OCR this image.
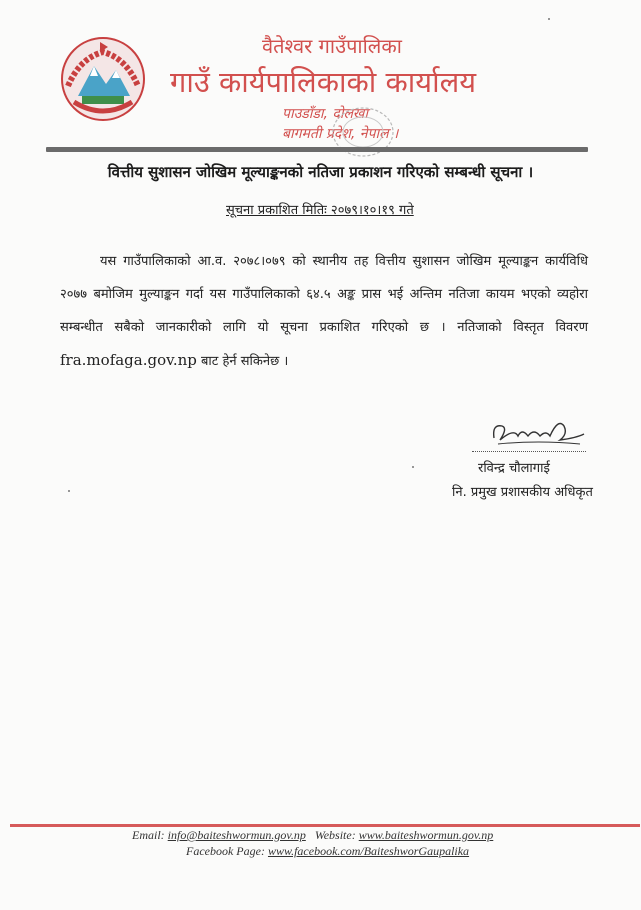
वैतेश्वर गाउँपालिका
गाउँ कार्यपालिकाको कार्यालय
पाउडाँडा, दोलखा
बागमती प्रदेश, नेपाल ।
वित्तीय सुशासन जोखिम मूल्याङ्कनको नतिजा प्रकाशन गरिएको सम्बन्धी सूचना ।
सूचना प्रकाशित मितिः २०७९।१०।१९ गते
यस गाउँपालिकाको आ.व. २०७८।०७९ को स्थानीय तह वित्तीय सुशासन जोखिम मूल्याङ्कन कार्यविधि २०७७ बमोजिम मुल्याङ्कन गर्दा यस गाउँपालिकाको ६४.५ अङ्क प्रास भई अन्तिम नतिजा कायम भएको व्यहोरा सम्बन्धीत सबैको जानकारीको लागि यो सूचना प्रकाशित गरिएको छ । नतिजाको विस्तृत विवरण fra.mofaga.gov.np बाट हेर्न सकिनेछ ।
रविन्द्र चौलागाई
नि. प्रमुख प्रशासकीय अधिकृत
Email: info@baiteshwormun.gov.np Website: www.baiteshwormun.gov.np
Facebook Page: www.facebook.com/BaiteshworGaupalika
